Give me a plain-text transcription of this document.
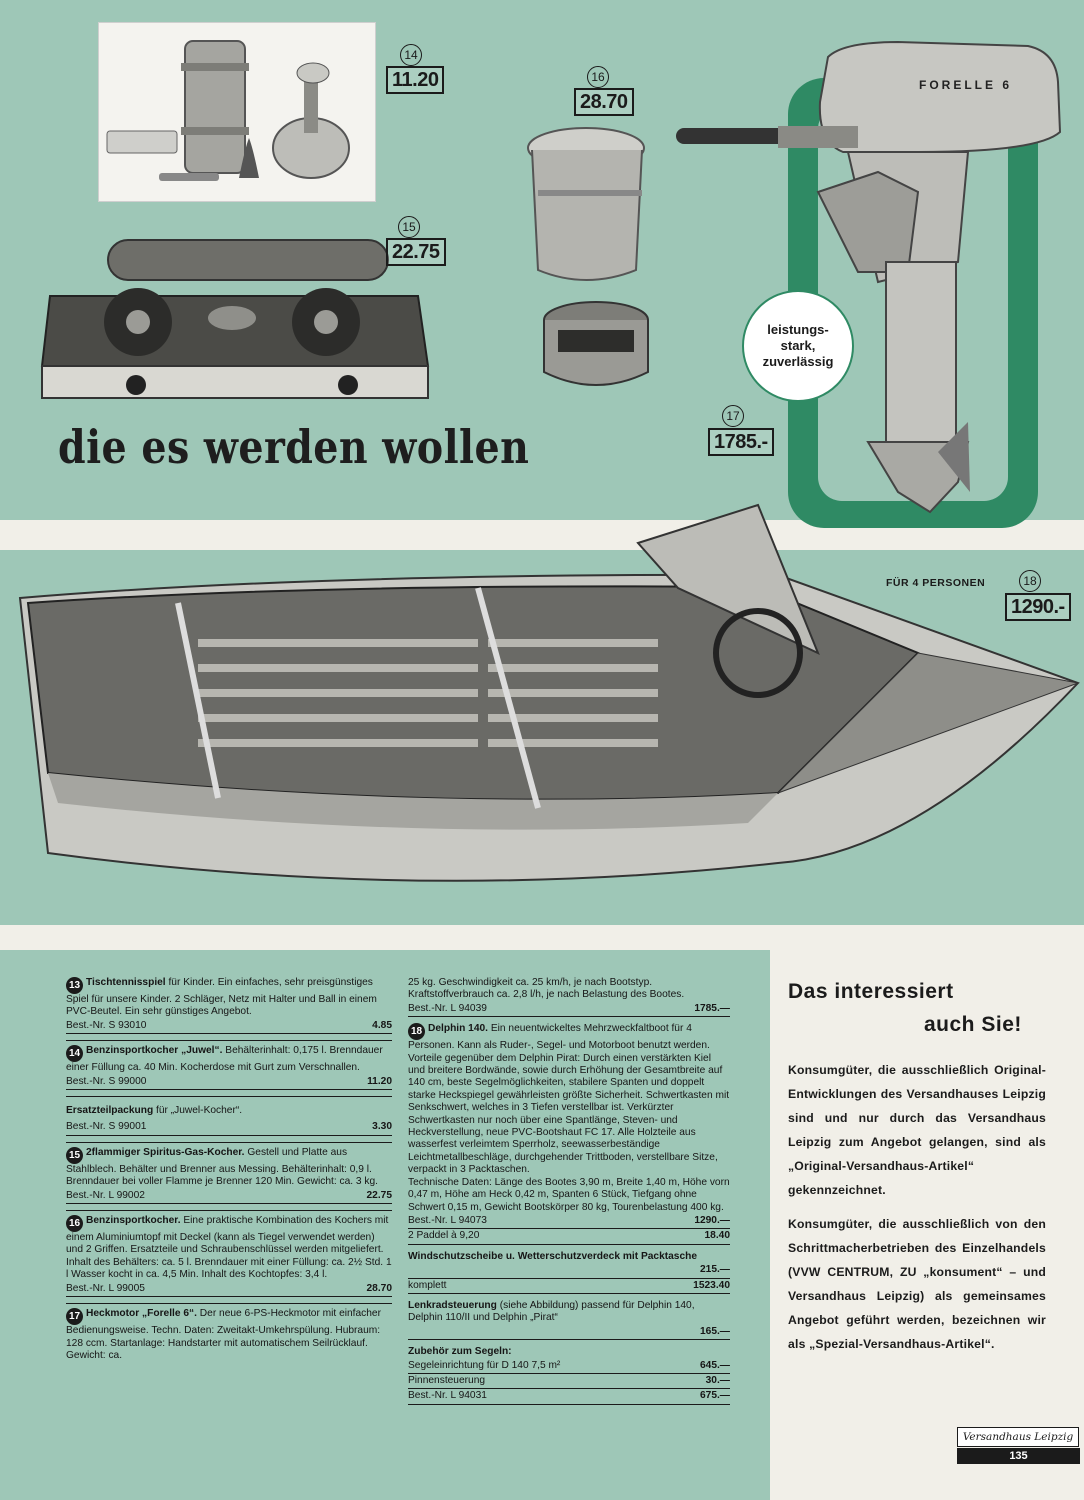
FORELLE 6
leistungs-
stark,
zuverlässig
14
11.20
15
22.75
16
28.70
17
1785.-
die es werden wollen
FÜR 4 PERSONEN	18
1290.-
13 Tischtennisspiel für Kinder. Ein einfaches, sehr preisgünstiges Spiel für unsere Kinder. 2 Schläger, Netz mit Halter und Ball in einem PVC-Beutel. Ein sehr günstiges Angebot.
Best.-Nr. S 93010	4.85
14 Benzinsportkocher „Juwel“. Behälterinhalt: 0,175 l. Brenndauer einer Füllung ca. 40 Min. Kocherdose mit Gurt zum Verschnallen.
Best.-Nr. S 99000	11.20
Ersatzteilpackung für „Juwel-Kocher“.
Best.-Nr. S 99001	3.30
15 2flammiger Spiritus-Gas-Kocher. Gestell und Platte aus Stahlblech. Behälter und Brenner aus Messing. Behälterinhalt: 0,9 l. Brenndauer bei voller Flamme je Brenner 120 Min. Gewicht: ca. 3 kg.
Best.-Nr. L 99002	22.75
16 Benzinsportkocher. Eine praktische Kombination des Kochers mit einem Aluminiumtopf mit Deckel (kann als Tiegel verwendet werden) und 2 Griffen. Ersatzteile und Schraubenschlüssel werden mitgeliefert. Inhalt des Behälters: ca. 5 l. Brenndauer mit einer Füllung: ca. 2½ Std. 1 l Wasser kocht in ca. 4,5 Min. Inhalt des Kochtopfes: 3,4 l.
Best.-Nr. L 99005	28.70
17 Heckmotor „Forelle 6“. Der neue 6-PS-Heckmotor mit einfacher Bedienungsweise. Techn. Daten: Zweitakt-Umkehrspülung. Hubraum: 128 ccm. Startanlage: Handstarter mit automatischem Seilrücklauf. Gewicht: ca.
25 kg. Geschwindigkeit ca. 25 km/h, je nach Bootstyp. Kraftstoffverbrauch ca. 2,8 l/h, je nach Belastung des Bootes.
Best.-Nr. L 94039	1785.—
18 Delphin 140. Ein neuentwickeltes Mehrzweckfaltboot für 4 Personen. Kann als Ruder-, Segel- und Motorboot benutzt werden.
Vorteile gegenüber dem Delphin Pirat: Durch einen verstärkten Kiel und breitere Bordwände, sowie durch Erhöhung der Gesamtbreite auf 140 cm, beste Segelmöglichkeiten, stabilere Spanten und doppelt starke Heckspiegel gewährleisten größte Sicherheit. Schwertkasten mit Senkschwert, welches in 3 Tiefen verstellbar ist. Verkürzter Schwertkasten nur noch über eine Spantlänge, Steven- und Heckverstellung, neue PVC-Bootshaut FC 17. Alle Holzteile aus wasserfest verleimtem Sperrholz, seewasserbeständige Leichtmetallbeschläge, durchgehender Trittboden, verstellbare Sitze, verpackt in 3 Packtaschen.
Technische Daten: Länge des Bootes 3,90 m, Breite 1,40 m, Höhe vorn 0,47 m, Höhe am Heck 0,42 m, Spanten 6 Stück, Tiefgang ohne Schwert 0,15 m, Gewicht Bootskörper 80 kg, Tourenbelastung 400 kg.
Best.-Nr. L 94073	1290.—
2 Paddel à 9,20	18.40
Windschutzscheibe u. Wetterschutzverdeck mit Packtasche
215.—
komplett	1523.40
Lenkradsteuerung (siehe Abbildung) passend für Delphin 140, Delphin 110/II und Delphin „Pirat“
165.—
Zubehör zum Segeln:
Segeleinrichtung für D 140 7,5 m²	645.—
Pinnensteuerung	30.—
Best.-Nr. L 94031	675.—
Das interessiert
auch Sie!
Konsumgüter, die ausschließlich Original-Entwicklungen des Versandhauses Leipzig sind und nur durch das Versandhaus Leipzig zum Angebot gelangen, sind als „Original-Versandhaus-Artikel“ gekennzeichnet.
Konsumgüter, die ausschließlich von den Schrittmacherbetrieben des Einzelhandels (VVW CENTRUM, ZU „konsument“ – und Versandhaus Leipzig) als gemeinsames Angebot geführt werden, bezeichnen wir als „Spezial-Versandhaus-Artikel“.
Versandhaus Leipzig
135
